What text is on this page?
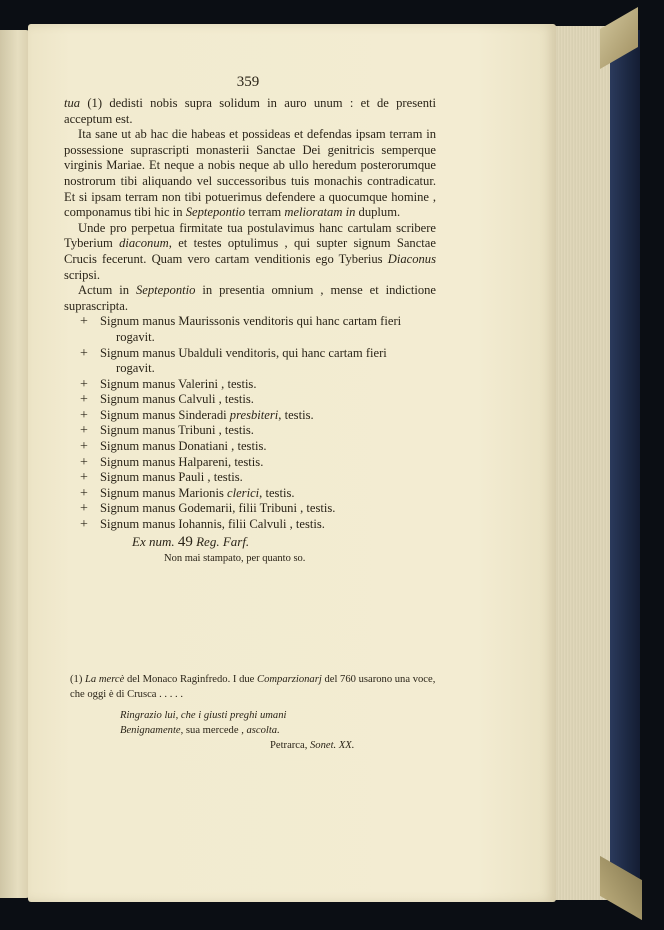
359

tua (1) dedisti nobis supra solidum in auro unum : et de presenti acceptum est.

Ita sane ut ab hac die habeas et possideas et defendas ipsam terram in possessione suprascripti monasterii Sanctae Dei genitricis semperque virginis Mariae. Et neque a nobis neque ab ullo heredum posterorumque nostrorum tibi aliquando vel successoribus tuis monachis contradicatur. Et si ipsam terram non tibi potuerimus defendere a quocumque homine , componamus tibi hic in Septepontio terram melioratam in duplum.

Unde pro perpetua firmitate tua postulavimus hanc cartulam scribere Tyberium diaconum, et testes optulimus , qui supter signum Sanctae Crucis fecerunt. Quam vero cartam venditionis ego Tyberius Diaconus scripsi.

Actum in Septepontio in presentia omnium , mense et indictione suprascripta.

+ Signum manus Maurissonis venditoris qui hanc cartam fieri
rogavit.
+ Signum manus Ubalduli venditoris, qui hanc cartam fieri
rogavit.
+ Signum manus Valerini , testis.
+ Signum manus Calvuli , testis.
+ Signum manus Sinderadi presbiteri, testis.
+ Signum manus Tribuni , testis.
+ Signum manus Donatiani , testis.
+ Signum manus Halpareni, testis.
+ Signum manus Pauli , testis.
+ Signum manus Marionis clerici, testis.
+ Signum manus Godemarii, filii Tribuni , testis.
+ Signum manus Iohannis, filii Calvuli , testis.
Ex num. 49 Reg. Farf.
Non mai stampato, per quanto so.
(1) La mercè del Monaco Raginfredo. I due Comparzionarj del 760 usarono una voce, che oggi è di Crusca . . . . .
Ringrazio lui, che i giusti preghi umani
Benignamente, sua mercede , ascolta.
Petrarca, Sonet. XX.
